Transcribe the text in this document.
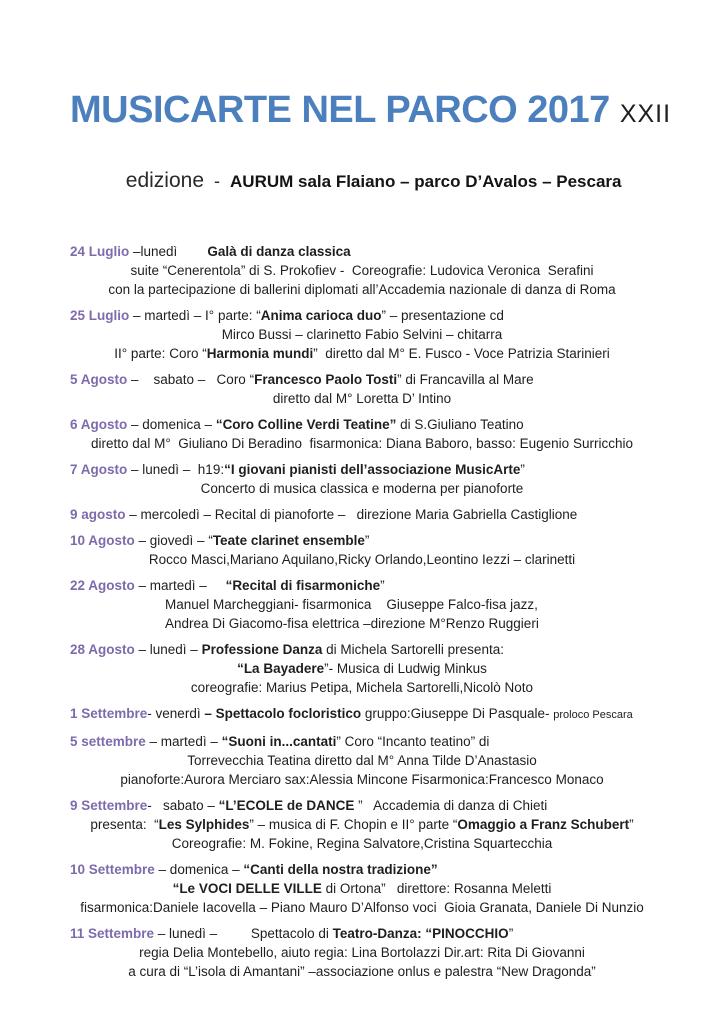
MUSICARTE NEL PARCO 2017 XXII

edizione  -  AURUM sala Flaiano – parco D’Avalos – Pescara

24 Luglio –lunedì        Galà di danza classica
suite “Cenerentola” di S. Prokofiev -  Coreografie: Ludovica Veronica  Serafini
con la partecipazione di ballerini diplomati all’Accademia nazionale di danza di Roma
25 Luglio – martedì – I° parte: “Anima carioca duo” – presentazione cd
Mirco Bussi – clarinetto Fabio Selvini – chitarra
II° parte: Coro “Harmonia mundi”  diretto dal M° E. Fusco - Voce Patrizia Starinieri
5 Agosto –    sabato –   Coro “Francesco Paolo Tosti” di Francavilla al Mare
diretto dal M° Loretta D’ Intino
6 Agosto – domenica – “Coro Colline Verdi Teatine” di S.Giuliano Teatino
diretto dal M°  Giuliano Di Beradino  fisarmonica: Diana Baboro, basso: Eugenio Surricchio
7 Agosto – lunedì –  h19:“I giovani pianisti dell’associazione MusicArte”
Concerto di musica classica e moderna per pianoforte
9 agosto – mercoledì – Recital di pianoforte –   direzione Maria Gabriella Castiglione
10 Agosto – giovedì – “Teate clarinet ensemble”
Rocco Masci,Mariano Aquilano,Ricky Orlando,Leontino Iezzi – clarinetti
22 Agosto – martedì –     “Recital di fisarmoniche”
Manuel Marcheggiani- fisarmonica    Giuseppe Falco-fisa jazz,
Andrea Di Giacomo-fisa elettrica –direzione M°Renzo Ruggieri
28 Agosto – lunedì – Professione Danza di Michela Sartorelli presenta:
“La Bayadere”- Musica di Ludwig Minkus
coreografie: Marius Petipa, Michela Sartorelli,Nicolò Noto
1 Settembre- venerdì – Spettacolo focloristico gruppo:Giuseppe Di Pasquale- proloco Pescara
5 settembre – martedì – “Suoni in...cantati” Coro “Incanto teatino” di
Torrevecchia Teatina diretto dal M° Anna Tilde D’Anastasio
pianoforte:Aurora Merciaro sax:Alessia Mincone Fisarmonica:Francesco Monaco
9 Settembre-   sabato – “L’ECOLE de DANCE ”   Accademia di danza di Chieti
presenta:  “Les Sylphides” – musica di F. Chopin e II° parte “Omaggio a Franz Schubert”
Coreografie: M. Fokine, Regina Salvatore,Cristina Squartecchia
10 Settembre – domenica – “Canti della nostra tradizione”
“Le VOCI DELLE VILLE di Ortona”   direttore: Rosanna Meletti
fisarmonica:Daniele Iacovella – Piano Mauro D’Alfonso voci  Gioia Granata, Daniele Di Nunzio
11 Settembre – lunedì –         Spettacolo di Teatro-Danza: “PINOCCHIO”
regia Delia Montebello, aiuto regia: Lina Bortolazzi Dir.art: Rita Di Giovanni
a cura di “L’isola di Amantani” –associazione onlus e palestra “New Dragonda”
